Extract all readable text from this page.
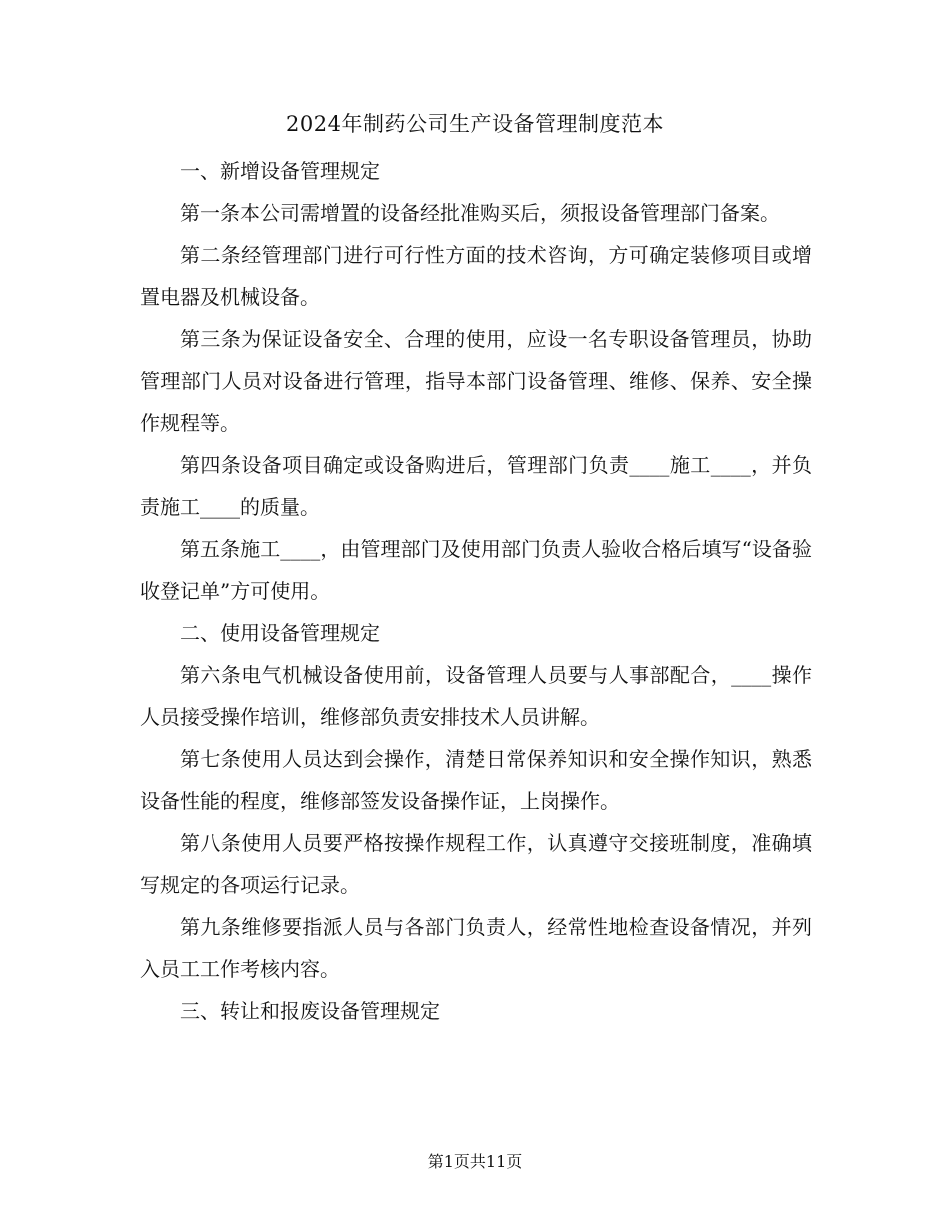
2024年制药公司生产设备管理制度范本

一、新增设备管理规定

第一条本公司需增置的设备经批准购买后，须报设备管理部门备案。

第二条经管理部门进行可行性方面的技术咨询，方可确定装修项目或增置电器及机械设备。

第三条为保证设备安全、合理的使用，应设一名专职设备管理员，协助管理部门人员对设备进行管理，指导本部门设备管理、维修、保养、安全操作规程等。

第四条设备项目确定或设备购进后，管理部门负责____施工____，并负责施工____的质量。

第五条施工____，由管理部门及使用部门负责人验收合格后填写“设备验收登记单”方可使用。

二、使用设备管理规定

第六条电气机械设备使用前，设备管理人员要与人事部配合，____操作人员接受操作培训，维修部负责安排技术人员讲解。

第七条使用人员达到会操作，清楚日常保养知识和安全操作知识，熟悉设备性能的程度，维修部签发设备操作证，上岗操作。

第八条使用人员要严格按操作规程工作，认真遵守交接班制度，准确填写规定的各项运行记录。

第九条维修要指派人员与各部门负责人，经常性地检查设备情况，并列入员工工作考核内容。

三、转让和报废设备管理规定

第1页共11页
